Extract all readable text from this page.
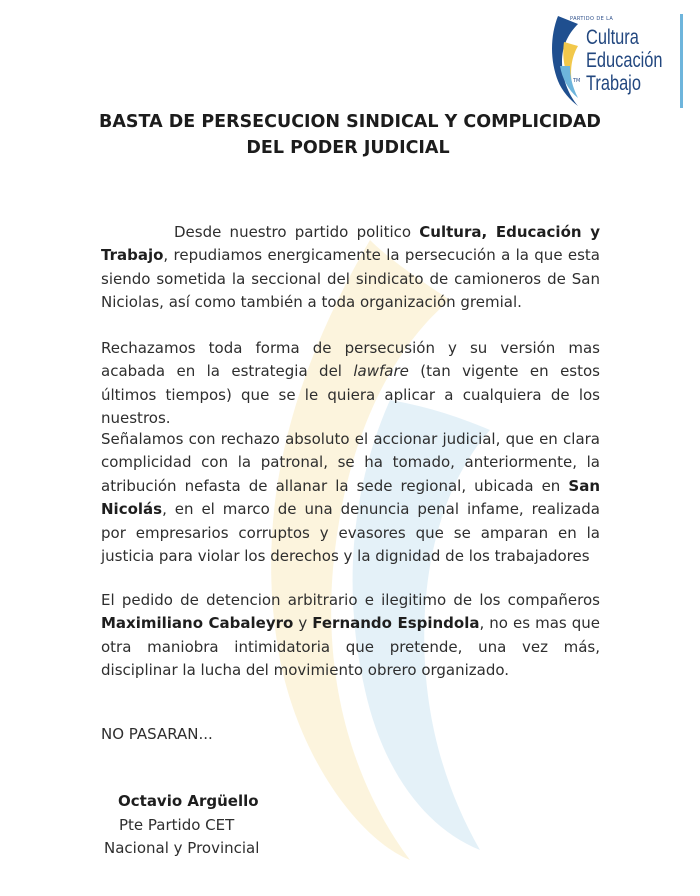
PARTIDO DE LA
Cultura
Educación
Trabajo
TM
BASTA DE PERSECUCION SINDICAL Y COMPLICIDAD
DEL PODER JUDICIAL

Desde nuestro partido politico Cultura, Educación y Trabajo, repudiamos energicamente la persecución a la que esta siendo sometida la seccional del sindicato de camioneros de San Niciolas, así como también a toda organización gremial.

Rechazamos toda forma de persecusión y su versión mas acabada en la estrategia del lawfare (tan vigente en estos últimos tiempos) que se le quiera aplicar a cualquiera de los nuestros.

Señalamos con rechazo absoluto el accionar judicial, que en clara complicidad con la patronal, se ha tomado, anteriormente, la atribución nefasta de allanar la sede regional, ubicada en San Nicolás, en el marco de una denuncia penal infame, realizada por empresarios corruptos y evasores que se amparan en la justicia para violar los derechos y la dignidad de los trabajadores

El pedido de detencion arbitrario e ilegitimo de los compañeros Maximiliano Cabaleyro y Fernando Espindola, no es mas que otra maniobra intimidatoria que pretende, una vez más, disciplinar la lucha del movimiento obrero organizado.

NO PASARAN...
Octavio Argüello
Pte Partido CET
Nacional y Provincial
